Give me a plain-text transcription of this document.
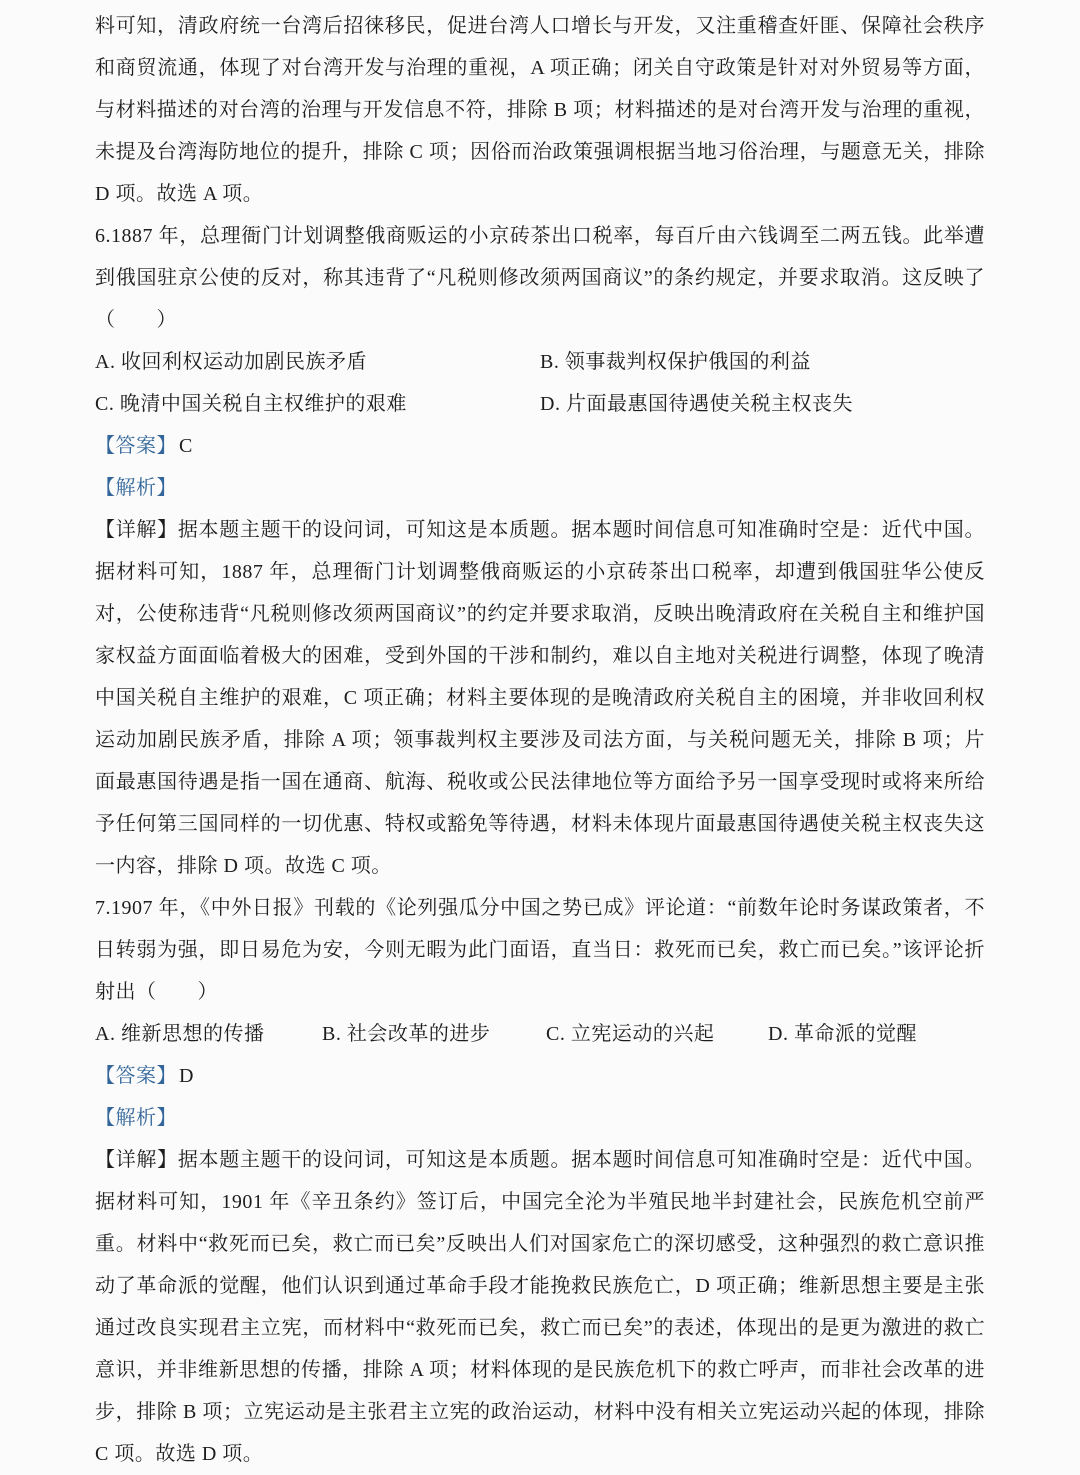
料可知，清政府统一台湾后招徕移民，促进台湾人口增长与开发，又注重稽查奸匪、保障社会秩序和商贸流通，体现了对台湾开发与治理的重视，A 项正确；闭关自守政策是针对对外贸易等方面，与材料描述的对台湾的治理与开发信息不符，排除 B 项；材料描述的是对台湾开发与治理的重视，未提及台湾海防地位的提升，排除 C 项；因俗而治政策强调根据当地习俗治理，与题意无关，排除 D 项。故选 A 项。

6.1887 年，总理衙门计划调整俄商贩运的小京砖茶出口税率，每百斤由六钱调至二两五钱。此举遭到俄国驻京公使的反对，称其违背了“凡税则修改须两国商议”的条约规定，并要求取消。这反映了（　　）

A. 收回利权运动加剧民族矛盾	B. 领事裁判权保护俄国的利益
C. 晚清中国关税自主权维护的艰难	D. 片面最惠国待遇使关税主权丧失

【答案】 C

【解析】

【详解】据本题主题干的设问词，可知这是本质题。据本题时间信息可知准确时空是：近代中国。据材料可知，1887 年，总理衙门计划调整俄商贩运的小京砖茶出口税率，却遭到俄国驻华公使反对，公使称违背“凡税则修改须两国商议”的约定并要求取消，反映出晚清政府在关税自主和维护国家权益方面面临着极大的困难，受到外国的干涉和制约，难以自主地对关税进行调整，体现了晚清中国关税自主维护的艰难，C 项正确；材料主要体现的是晚清政府关税自主的困境，并非收回利权运动加剧民族矛盾，排除 A 项；领事裁判权主要涉及司法方面，与关税问题无关，排除 B 项；片面最惠国待遇是指一国在通商、航海、税收或公民法律地位等方面给予另一国享受现时或将来所给予任何第三国同样的一切优惠、特权或豁免等待遇，材料未体现片面最惠国待遇使关税主权丧失这一内容，排除 D 项。故选 C 项。

7.1907 年，《中外日报》刊载的《论列强瓜分中国之势已成》评论道：“前数年论时务谋政策者，不日转弱为强，即日易危为安，今则无暇为此门面语，直当日：救死而已矣，救亡而已矣。”该评论折射出（　　）

A. 维新思想的传播	B. 社会改革的进步	C. 立宪运动的兴起	D. 革命派的觉醒

【答案】 D

【解析】

【详解】据本题主题干的设问词，可知这是本质题。据本题时间信息可知准确时空是：近代中国。据材料可知，1901 年《辛丑条约》签订后，中国完全沦为半殖民地半封建社会，民族危机空前严重。材料中“救死而已矣，救亡而已矣”反映出人们对国家危亡的深切感受，这种强烈的救亡意识推动了革命派的觉醒，他们认识到通过革命手段才能挽救民族危亡，D 项正确；维新思想主要是主张通过改良实现君主立宪，而材料中“救死而已矣，救亡而已矣”的表述，体现出的是更为激进的救亡意识，并非维新思想的传播，排除 A 项；材料体现的是民族危机下的救亡呼声，而非社会改革的进步，排除 B 项；立宪运动是主张君主立宪的政治运动，材料中没有相关立宪运动兴起的体现，排除 C 项。故选 D 项。
